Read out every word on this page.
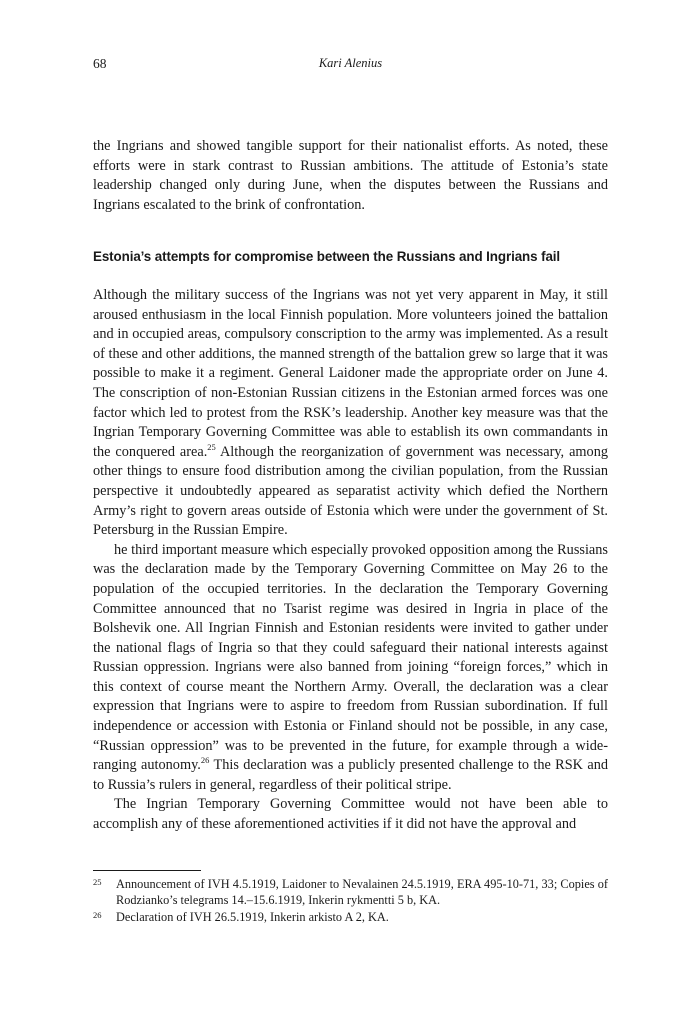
68	Kari Alenius

the Ingrians and showed tangible support for their nationalist efforts. As noted, these efforts were in stark contrast to Russian ambitions. The attitude of Estonia’s state leadership changed only during June, when the disputes between the Russians and Ingrians escalated to the brink of confrontation.

Estonia’s attempts for compromise between the Russians and Ingrians fail

Although the military success of the Ingrians was not yet very apparent in May, it still aroused enthusiasm in the local Finnish population. More volunteers joined the battalion and in occupied areas, compulsory conscription to the army was implemented. As a result of these and other additions, the manned strength of the battalion grew so large that it was possible to make it a regiment. General Laidoner made the appropriate order on June 4. The conscription of non-Estonian Russian citizens in the Estonian armed forces was one factor which led to protest from the RSK’s leadership. Another key measure was that the Ingrian Temporary Governing Committee was able to establish its own commandants in the conquered area.$^{25}$ Although the reorganization of government was necessary, among other things to ensure food distribution among the civilian population, from the Russian perspective it undoubtedly appeared as separatist activity which defied the Northern Army’s right to govern areas outside of Estonia which were under the government of St. Petersburg in the Russian Empire.

he third important measure which especially provoked opposition among the Russians was the declaration made by the Temporary Governing Committee on May 26 to the population of the occupied territories. In the declaration the Temporary Governing Committee announced that no Tsarist regime was desired in Ingria in place of the Bolshevik one. All Ingrian Finnish and Estonian residents were invited to gather under the national flags of Ingria so that they could safeguard their national interests against Russian oppression. Ingrians were also banned from joining “foreign forces,” which in this context of course meant the Northern Army. Overall, the declaration was a clear expression that Ingrians were to aspire to freedom from Russian subordination. If full independence or accession with Estonia or Finland should not be possible, in any case, “Russian oppression” was to be prevented in the future, for example through a wide-ranging autonomy.$^{26}$ This declaration was a publicly presented challenge to the RSK and to Russia’s rulers in general, regardless of their political stripe.

The Ingrian Temporary Governing Committee would not have been able to accomplish any of these aforementioned activities if it did not have the approval and

25 Announcement of IVH 4.5.1919, Laidoner to Nevalainen 24.5.1919, ERA 495-10-71, 33; Copies of Rodzianko’s telegrams 14.–15.6.1919, Inkerin rykmentti 5 b, KA.
26 Declaration of IVH 26.5.1919, Inkerin arkisto A 2, KA.
